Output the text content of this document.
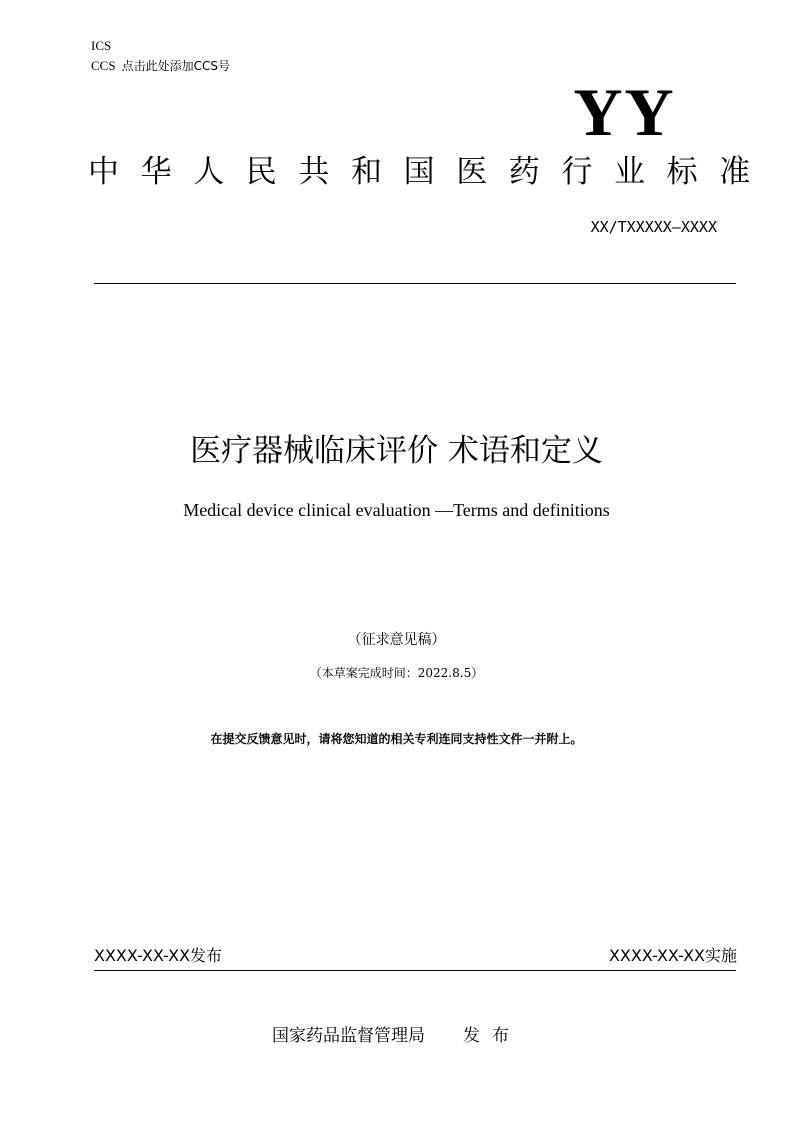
ICS
CCS 点击此处添加CCS号
YY
中华人民共和国医药行业标准
XX/TXXXXX—XXXX
医疗器械临床评价 术语和定义
Medical device clinical evaluation —Terms and definitions
（征求意见稿）
（本草案完成时间：2022.8.5）
在提交反馈意见时，请将您知道的相关专利连同支持性文件一并附上。
XXXX-XX-XX发布	XXXX-XX-XX实施
国家药品监督管理局 发布
